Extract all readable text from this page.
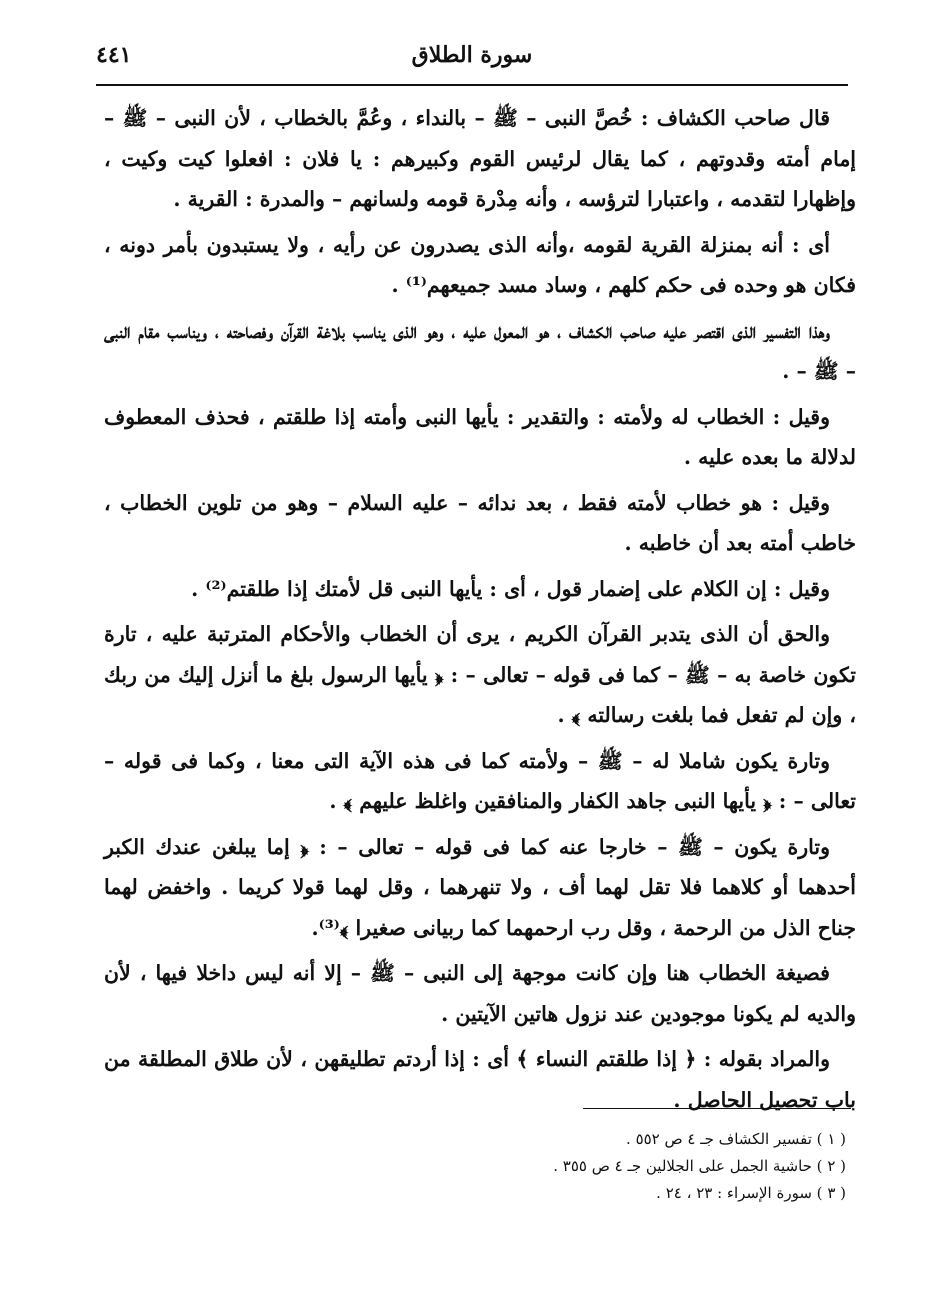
٤٤١	سورة الطلاق

قال صاحب الكشاف : خُصَّ النبى – ﷺ – بالنداء ، وعُمَّ بالخطاب ، لأن النبى – ﷺ – إمام أمته وقدوتهم ، كما يقال لرئيس القوم وكبيرهم : يا فلان : افعلوا كيت وكيت ، وإظهارا لتقدمه ، واعتبارا لترؤسه ، وأنه مِدْرة قومه ولسانهم – والمدرة : القرية .

أى : أنه بمنزلة القرية لقومه ،وأنه الذى يصدرون عن رأيه ، ولا يستبدون بأمر دونه ، فكان هو وحده فى حكم كلهم ، وساد مسد جميعهم⁽¹⁾ .

وهذا التفسير الذى اقتصر عليه صاحب الكشاف ، هو المعول عليه ، وهو الذى يناسب بلاغة القرآن وفصاحته ، ويناسب مقام النبى – ﷺ – .

وقيل : الخطاب له ولأمته : والتقدير : يأيها النبى وأمته إذا طلقتم ، فحذف المعطوف لدلالة ما بعده عليه .

وقيل : هو خطاب لأمته فقط ، بعد ندائه – عليه السلام – وهو من تلوين الخطاب ، خاطب أمته بعد أن خاطبه .

وقيل : إن الكلام على إضمار قول ، أى : يأيها النبى قل لأمتك إذا طلقتم⁽²⁾ .

والحق أن الذى يتدبر القرآن الكريم ، يرى أن الخطاب والأحكام المترتبة عليه ، تارة تكون خاصة به – ﷺ – كما فى قوله – تعالى – : ﴿ يأيها الرسول بلغ ما أنزل إليك من ربك ، وإن لم تفعل فما بلغت رسالته ﴾ .

وتارة يكون شاملا له – ﷺ – ولأمته كما فى هذه الآية التى معنا ، وكما فى قوله – تعالى – : ﴿ يأيها النبى جاهد الكفار والمنافقين واغلظ عليهم ﴾ .

وتارة يكون – ﷺ – خارجا عنه كما فى قوله – تعالى – : ﴿ إما يبلغن عندك الكبر أحدهما أو كلاهما فلا تقل لهما أف ، ولا تنهرهما ، وقل لهما قولا كريما . واخفض لهما جناح الذل من الرحمة ، وقل رب ارحمهما كما ربيانى صغيرا ﴾⁽³⁾.

فصيغة الخطاب هنا وإن كانت موجهة إلى النبى – ﷺ – إلا أنه ليس داخلا فيها ، لأن والديه لم يكونا موجودين عند نزول هاتين الآيتين .

والمراد بقوله : ﴿ إذا طلقتم النساء ﴾ أى : إذا أردتم تطليقهن ، لأن طلاق المطلقة من باب تحصيل الحاصل .

( ١ ) تفسير الكشاف جـ ٤ ص ٥٥٢ .
( ٢ ) حاشية الجمل على الجلالين جـ ٤ ص ٣٥٥ .
( ٣ ) سورة الإسراء : ٢٣ ، ٢٤ .
